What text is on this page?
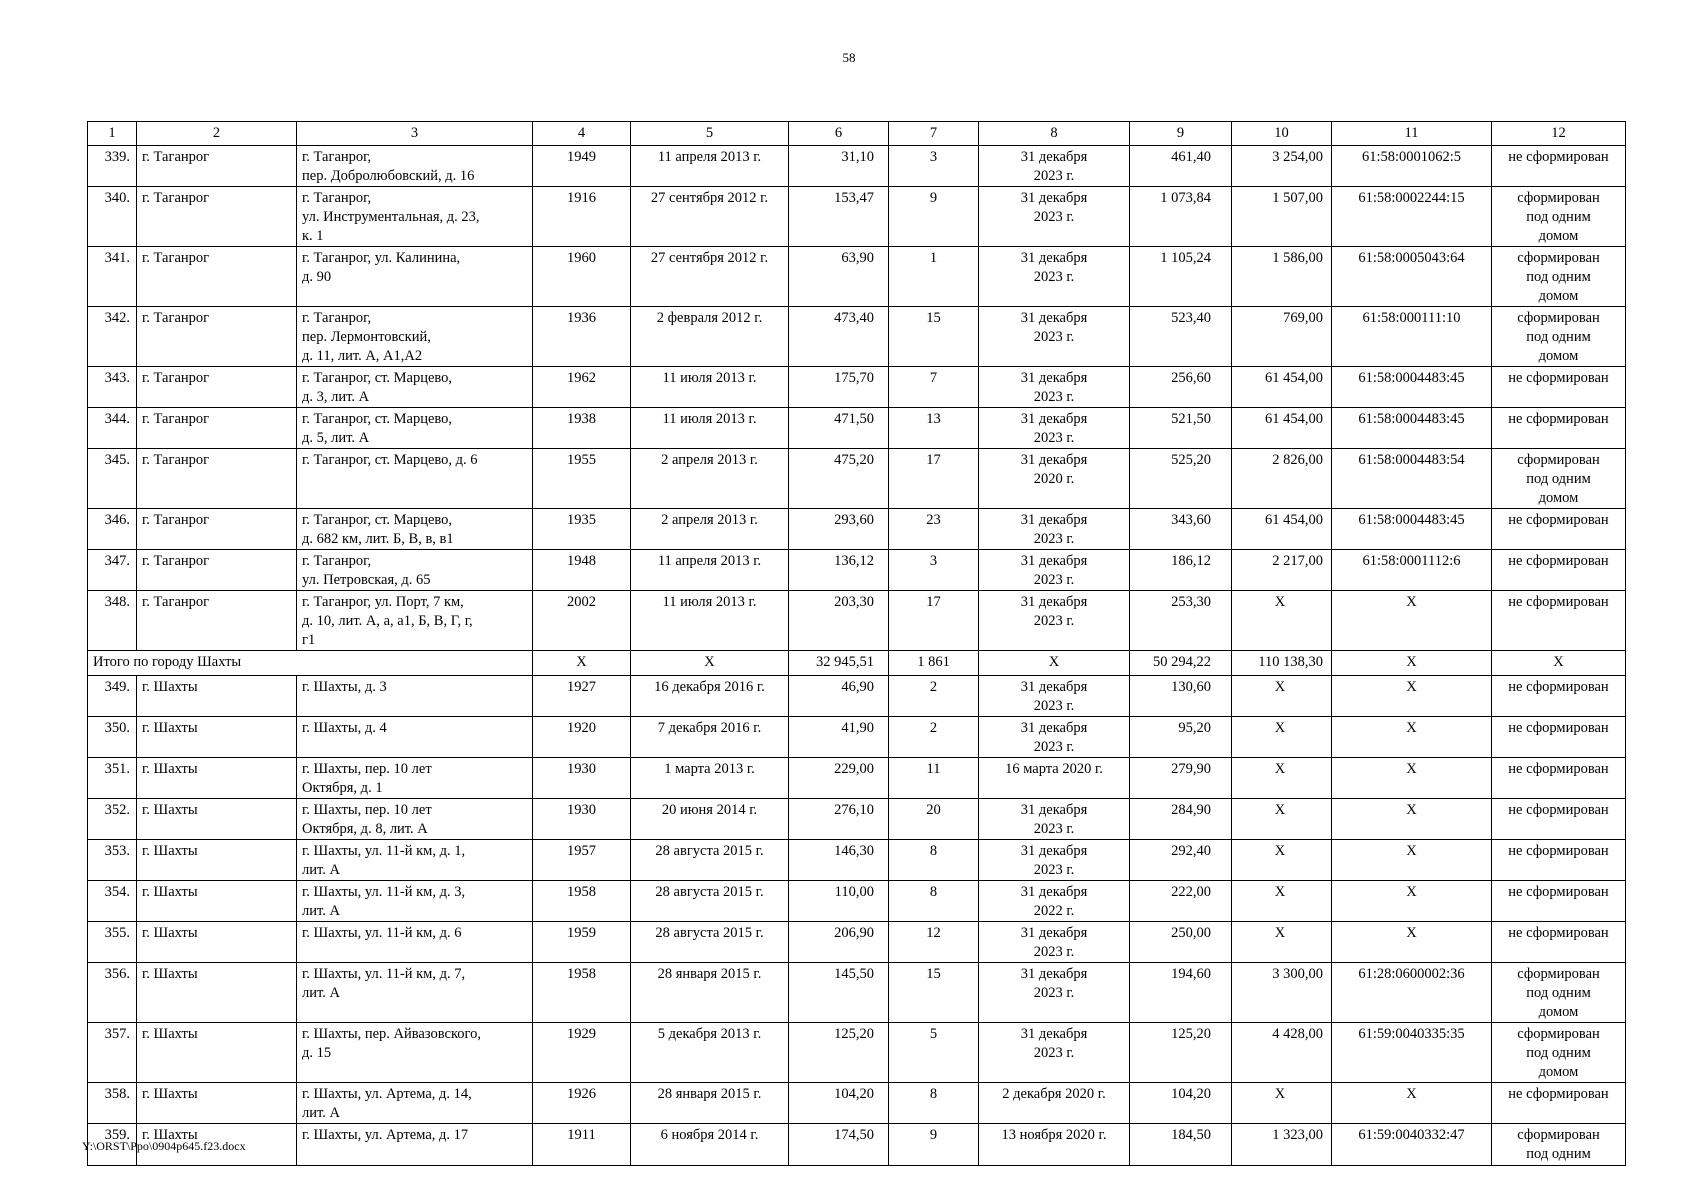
58
1	2	3	4	5	6	7	8	9	10	11	12
339.	г. Таганрог	г. Таганрог,
пер. Добролюбовский, д. 16	1949	11 апреля 2013 г.	31,10	3	31 декабря
2023 г.	461,40	3 254,00	61:58:0001062:5	не сформирован
340.	г. Таганрог	г. Таганрог,
ул. Инструментальная, д. 23,
к. 1	1916	27 сентября 2012 г.	153,47	9	31 декабря
2023 г.	1 073,84	1 507,00	61:58:0002244:15	сформирован
под одним
домом
341.	г. Таганрог	г. Таганрог, ул. Калинина,
д. 90	1960	27 сентября 2012 г.	63,90	1	31 декабря
2023 г.	1 105,24	1 586,00	61:58:0005043:64	сформирован
под одним
домом
342.	г. Таганрог	г. Таганрог,
пер. Лермонтовский,
д. 11, лит. А, А1,А2	1936	2 февраля 2012 г.	473,40	15	31 декабря
2023 г.	523,40	769,00	61:58:000111:10	сформирован
под одним
домом
343.	г. Таганрог	г. Таганрог, ст. Марцево,
д. 3, лит. А	1962	11 июля 2013 г.	175,70	7	31 декабря
2023 г.	256,60	61 454,00	61:58:0004483:45	не сформирован
344.	г. Таганрог	г. Таганрог, ст. Марцево,
д. 5, лит. А	1938	11 июля 2013 г.	471,50	13	31 декабря
2023 г.	521,50	61 454,00	61:58:0004483:45	не сформирован
345.	г. Таганрог	г. Таганрог, ст. Марцево, д. 6	1955	2 апреля 2013 г.	475,20	17	31 декабря
2020 г.	525,20	2 826,00	61:58:0004483:54	сформирован
под одним
домом
346.	г. Таганрог	г. Таганрог, ст. Марцево,
д. 682 км, лит. Б, В, в, в1	1935	2 апреля 2013 г.	293,60	23	31 декабря
2023 г.	343,60	61 454,00	61:58:0004483:45	не сформирован
347.	г. Таганрог	г. Таганрог,
ул. Петровская, д. 65	1948	11 апреля 2013 г.	136,12	3	31 декабря
2023 г.	186,12	2 217,00	61:58:0001112:6	не сформирован
348.	г. Таганрог	г. Таганрог, ул. Порт, 7 км,
д. 10, лит. А, а, а1, Б, В, Г, г,
г1	2002	11 июля 2013 г.	203,30	17	31 декабря
2023 г.	253,30	Х	Х	не сформирован
Итого по городу Шахты			Х	Х	32 945,51	1 861	Х	50 294,22	110 138,30	Х	Х
349.	г. Шахты	г. Шахты, д. 3	1927	16 декабря 2016 г.	46,90	2	31 декабря
2023 г.	130,60	Х	Х	не сформирован
350.	г. Шахты	г. Шахты, д. 4	1920	7 декабря 2016 г.	41,90	2	31 декабря
2023 г.	95,20	Х	Х	не сформирован
351.	г. Шахты	г. Шахты, пер. 10 лет
Октября, д. 1	1930	1 марта 2013 г.	229,00	11	16 марта 2020 г.	279,90	Х	Х	не сформирован
352.	г. Шахты	г. Шахты, пер. 10 лет
Октября, д. 8, лит. А	1930	20 июня 2014 г.	276,10	20	31 декабря
2023 г.	284,90	Х	Х	не сформирован
353.	г. Шахты	г. Шахты, ул. 11-й км, д. 1,
лит. А	1957	28 августа 2015 г.	146,30	8	31 декабря
2023 г.	292,40	Х	Х	не сформирован
354.	г. Шахты	г. Шахты, ул. 11-й км, д. 3,
лит. А	1958	28 августа 2015 г.	110,00	8	31 декабря
2022 г.	222,00	Х	Х	не сформирован
355.	г. Шахты	г. Шахты, ул. 11-й км, д. 6	1959	28 августа 2015 г.	206,90	12	31 декабря
2023 г.	250,00	Х	Х	не сформирован
356.	г. Шахты	г. Шахты, ул. 11-й км, д. 7,
лит. А	1958	28 января 2015 г.	145,50	15	31 декабря
2023 г.	194,60	3 300,00	61:28:0600002:36	сформирован
под одним
домом
357.	г. Шахты	г. Шахты, пер. Айвазовского,
д. 15	1929	5 декабря 2013 г.	125,20	5	31 декабря
2023 г.	125,20	4 428,00	61:59:0040335:35	сформирован
под одним
домом
358.	г. Шахты	г. Шахты, ул. Артема, д. 14,
лит. А	1926	28 января 2015 г.	104,20	8	2 декабря 2020 г.	104,20	Х	Х	не сформирован
359.	г. Шахты	г. Шахты, ул. Артема, д. 17	1911	6 ноября 2014 г.	174,50	9	13 ноября 2020 г.	184,50	1 323,00	61:59:0040332:47	сформирован
под одним
Y:\ORST\Ppo\0904p645.f23.docx
